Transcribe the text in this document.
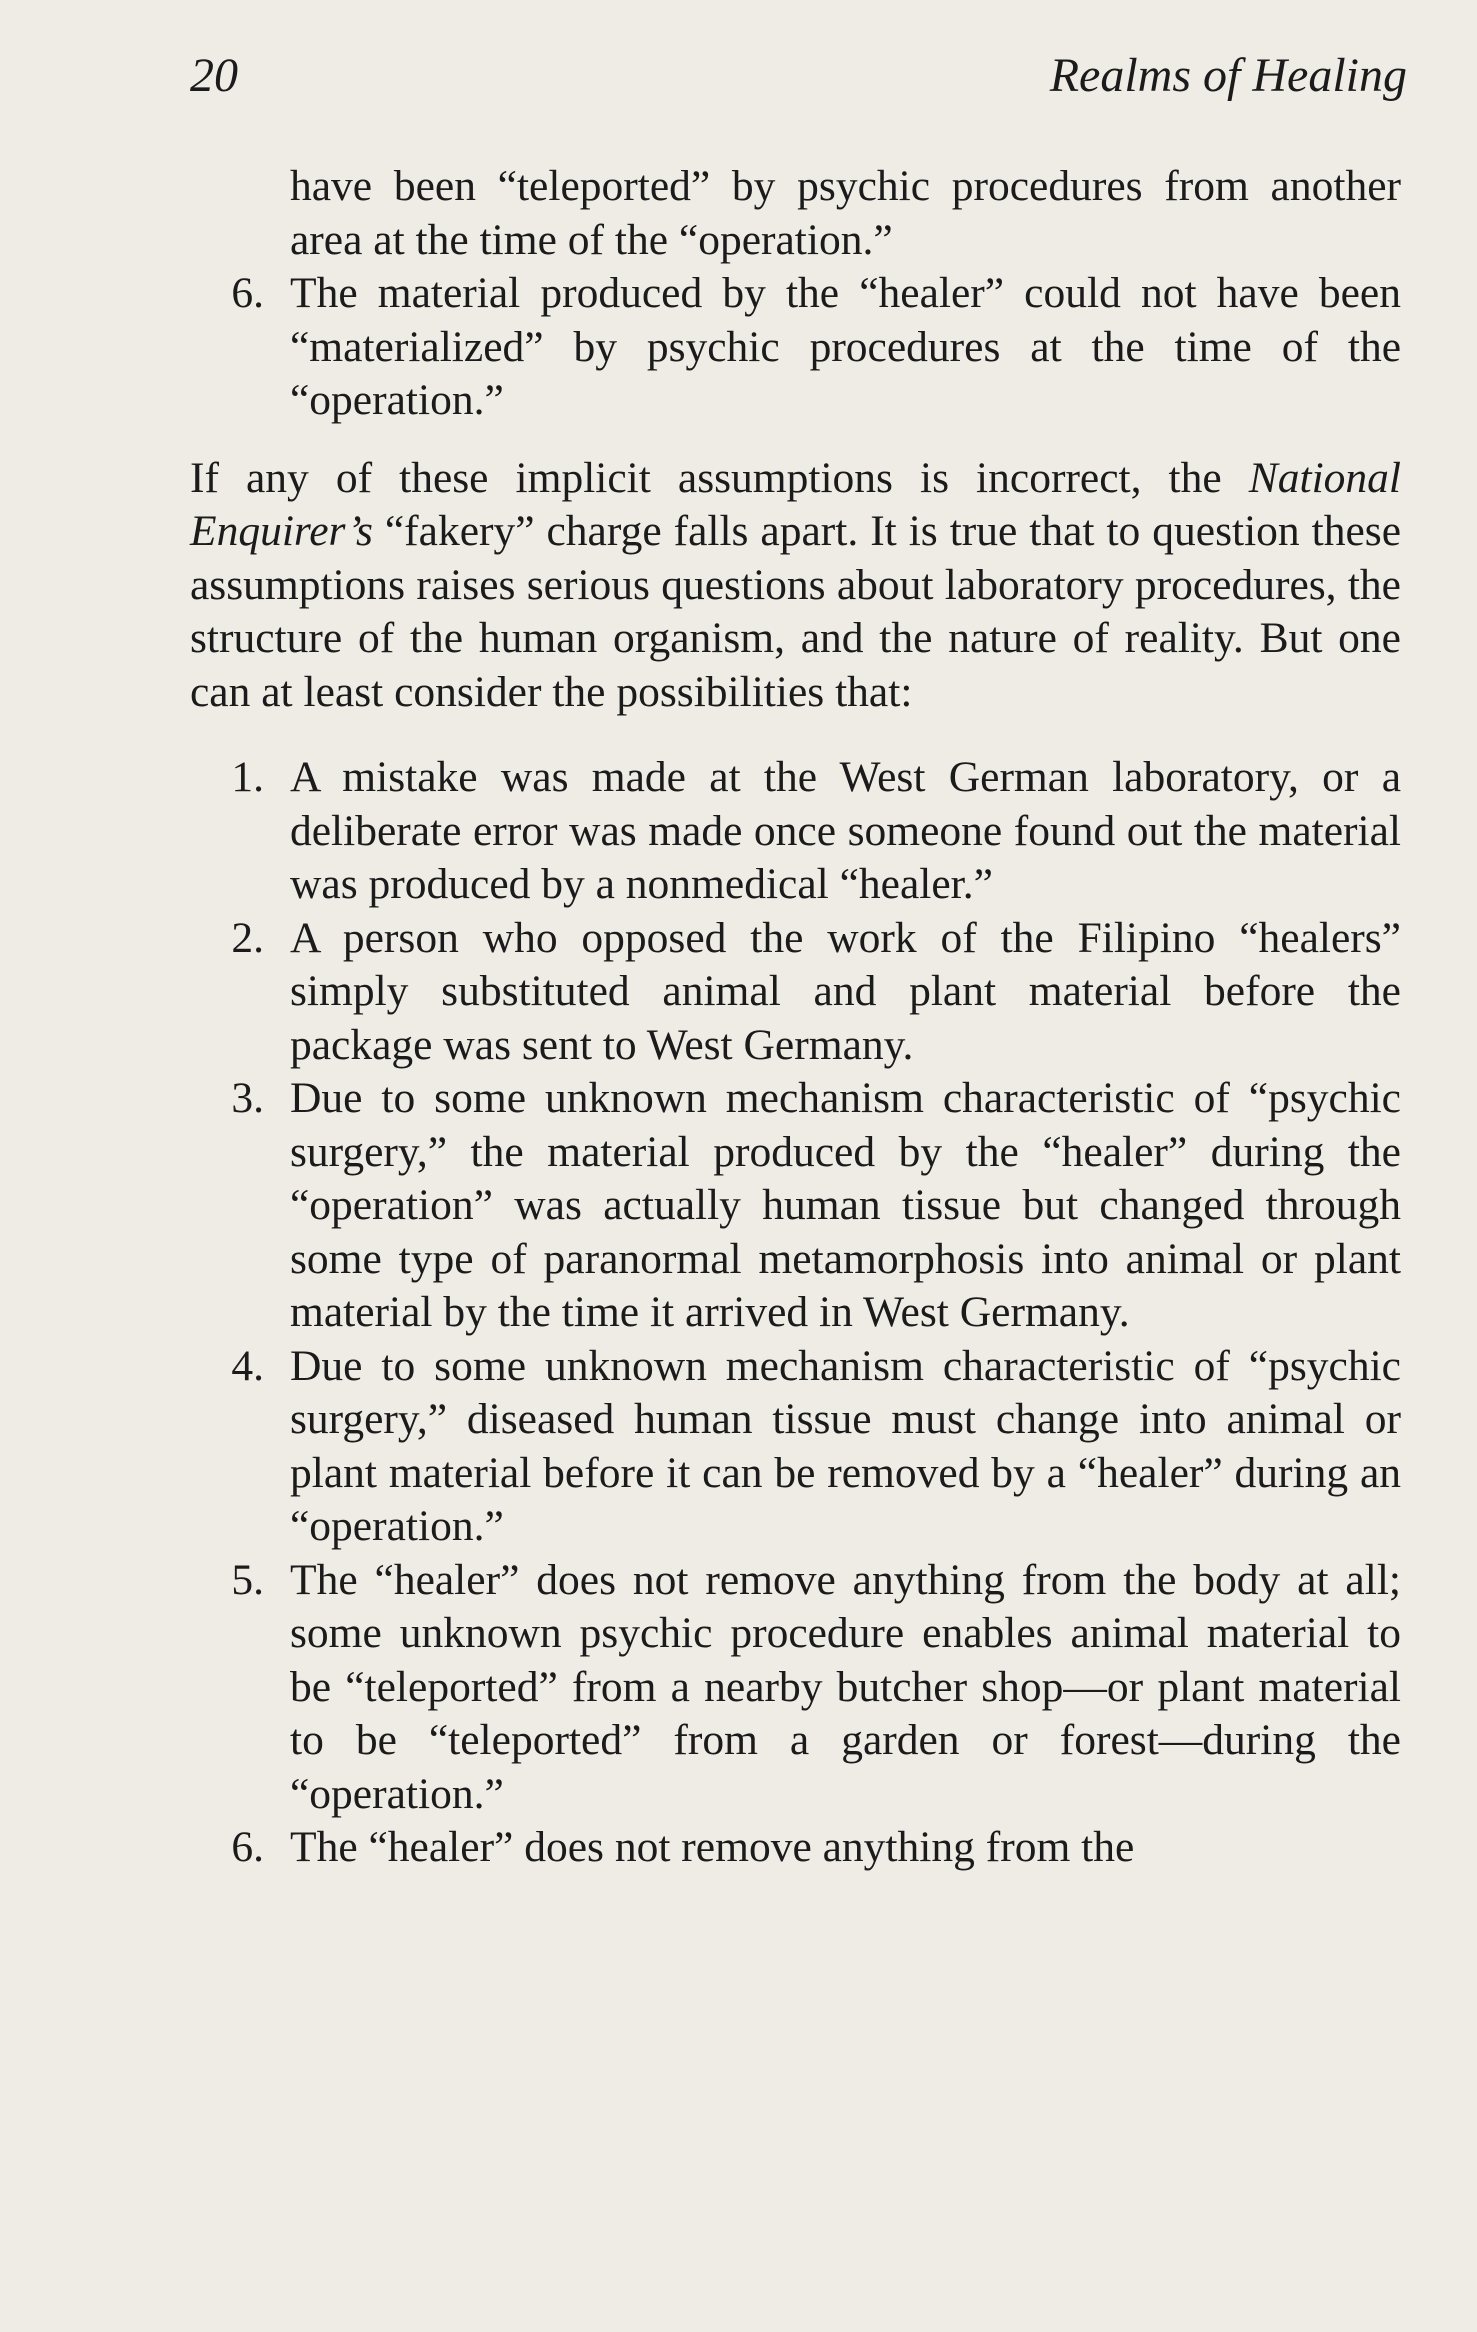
20	Realms of Healing
have been “teleported” by psychic procedures from another area at the time of the “operation.”
6. The material produced by the “healer” could not have been “materialized” by psychic procedures at the time of the “operation.”

If any of these implicit assumptions is incorrect, the National Enquirer’s “fakery” charge falls apart. It is true that to question these assumptions raises serious questions about laboratory procedures, the structure of the human organism, and the nature of reality. But one can at least consider the possibilities that:

1. A mistake was made at the West German laboratory, or a deliberate error was made once someone found out the material was produced by a nonmedical “healer.”
2. A person who opposed the work of the Filipino “healers” simply substituted animal and plant material before the package was sent to West Germany.
3. Due to some unknown mechanism characteristic of “psychic surgery,” the material produced by the “healer” during the “operation” was actually human tissue but changed through some type of paranormal metamorphosis into animal or plant material by the time it arrived in West Germany.
4. Due to some unknown mechanism characteristic of “psychic surgery,” diseased human tissue must change into animal or plant material before it can be removed by a “healer” during an “operation.”
5. The “healer” does not remove anything from the body at all; some unknown psychic procedure enables animal material to be “teleported” from a nearby butcher shop—or plant material to be “teleported” from a garden or forest—during the “operation.”
6. The “healer” does not remove anything from the
